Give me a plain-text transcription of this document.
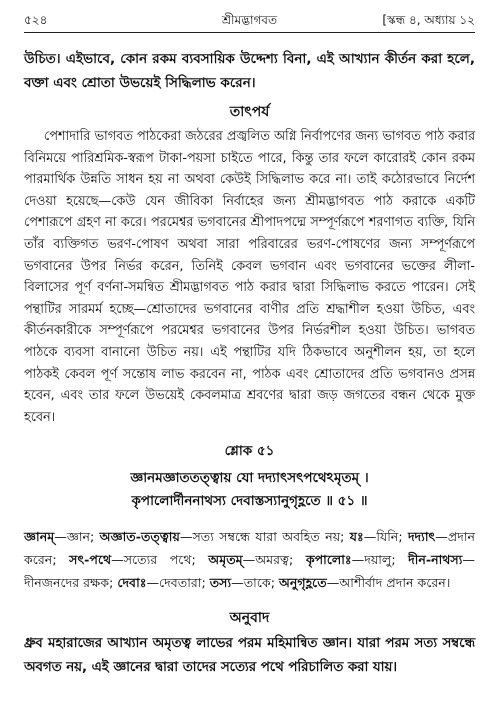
৫২৪	শ্রীমদ্ভাগবত	[স্কন্ধ ৪, অধ্যায় ১২
উচিত। এইভাবে, কোন রকম ব্যবসায়িক উদ্দেশ্য বিনা, এই আখ্যান কীর্তন করা হলে, বক্তা এবং শ্রোতা উভয়েই সিদ্ধিলাভ করেন।
তাৎপর্য

পেশাদারি ভাগবত পাঠকেরা জঠরের প্রজ্বলিত অগ্নি নির্বাপণের জন্য ভাগবত পাঠ করার বিনিময়ে পারিশ্রমিক-স্বরূপ টাকা-পয়সা চাইতে পারে, কিন্তু তার ফলে কারোরই কোন রকম পারমার্থিক উন্নতি সাধন হয় না অথবা কেউই সিদ্ধিলাভ করে না। তাই কঠোরভাবে নির্দেশ দেওয়া হয়েছে—কেউ যেন জীবিকা নির্বাহের জন্য শ্রীমদ্ভাগবত পাঠ করাকে একটি পেশারূপে গ্রহণ না করে। পরমেশ্বর ভগবানের শ্রীপাদপদ্মে সম্পূর্ণরূপে শরণাগত ব্যক্তি, যিনি তাঁর ব্যক্তিগত ভরণ-পোষণ অথবা সারা পরিবারের ভরণ-পোষণের জন্য সম্পূর্ণরূপে ভগবানের উপর নির্ভর করেন, তিনিই কেবল ভগবান এবং ভগবানের ভক্তের লীলা-বিলাসের পূর্ণ বর্ণনা-সমন্বিত শ্রীমদ্ভাগবত পাঠ করার দ্বারা সিদ্ধিলাভ করতে পারেন। সেই পন্থাটির সারমর্ম হচ্ছে—শ্রোতাদের ভগবানের বাণীর প্রতি শ্রদ্ধাশীল হওয়া উচিত, এবং কীর্তনকারীকে সম্পূর্ণরূপে পরমেশ্বর ভগবানের উপর নির্ভরশীল হওয়া উচিত। ভাগবত পাঠকে ব্যবসা বানানো উচিত নয়। এই পন্থাটির যদি ঠিকভাবে অনুশীলন হয়, তা হলে পাঠকই কেবল পূর্ণ সন্তোষ লাভ করবেন না, পাঠক এবং শ্রোতাদের প্রতি ভগবানও প্রসন্ন হবেন, এবং তার ফলে উভয়েই কেবলমাত্র শ্রবণের দ্বারা জড় জগতের বন্ধন থেকে মুক্ত হবেন।

শ্লোক ৫১
জ্ঞানমজ্ঞাততত্ত্বায় যো দদ্যাৎসৎপথেঽমৃতম্ ।
কৃপালোর্দীননাথস্য দেবাস্তস্যানুগৃহ্ণতে ॥ ৫১ ॥
জ্ঞানম্—জ্ঞান; অজ্ঞাত-তত্ত্বায়—সত্য সম্বন্ধে যারা অবহিত নয়; যঃ—যিনি; দদ্যাৎ—প্রদান করেন; সৎ-পথে—সত্যের পথে; অমৃতম্—অমরত্ব; কৃপালোঃ—দয়ালু; দীন-নাথস্য—দীনজনদের রক্ষক; দেবাঃ—দেবতারা; তস্য—তাকে; অনুগৃহ্ণতে—আশীর্বাদ প্রদান করেন।
অনুবাদ
ধ্রুব মহারাজের আখ্যান অমৃতত্ব লাভের পরম মহিমান্বিত জ্ঞান। যারা পরম সত্য সম্বন্ধে অবগত নয়, এই জ্ঞানের দ্বারা তাদের সত্যের পথে পরিচালিত করা যায়।
